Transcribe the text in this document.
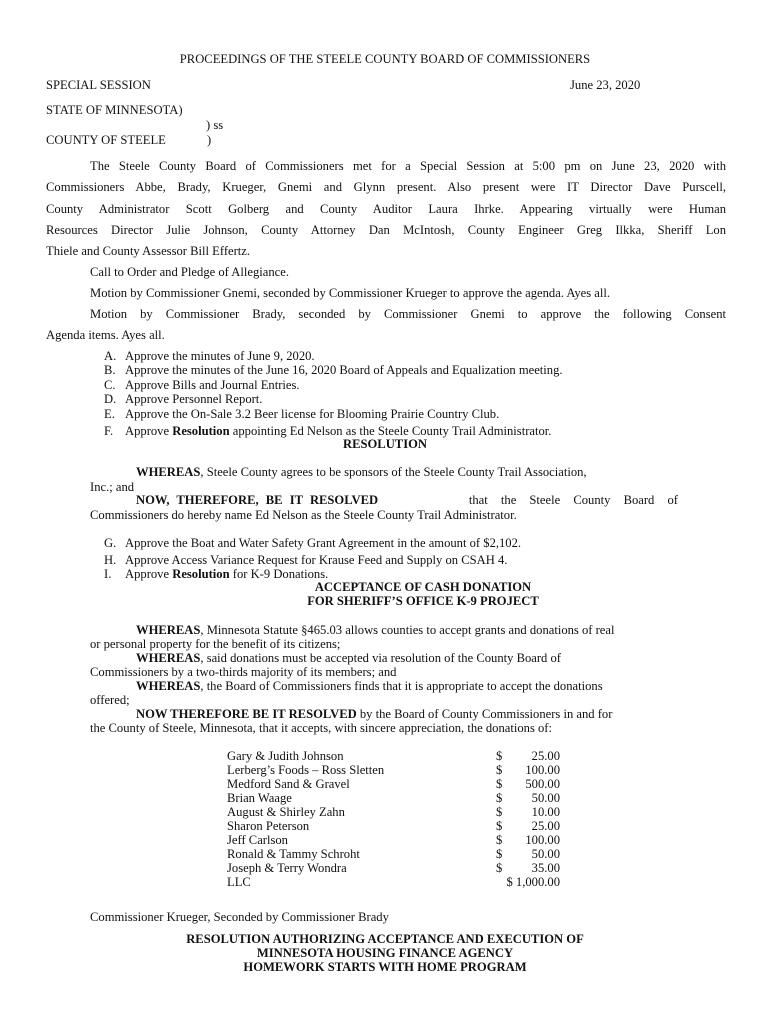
PROCEEDINGS OF THE STEELE COUNTY BOARD OF COMMISSIONERS
SPECIAL SESSION	June 23, 2020
STATE OF MINNESOTA)
) ss
COUNTY OF STEELE	)
The Steele County Board of Commissioners met for a Special Session at 5:00 pm on June 23, 2020 with
Commissioners Abbe, Brady, Krueger, Gnemi and Glynn present. Also present were IT Director Dave Purscell,
County Administrator Scott Golberg and County Auditor Laura Ihrke. Appearing virtually were Human
Resources Director Julie Johnson, County Attorney Dan McIntosh, County Engineer Greg Ilkka, Sheriff Lon
Thiele and County Assessor Bill Effertz.
Call to Order and Pledge of Allegiance.
Motion by Commissioner Gnemi, seconded by Commissioner Krueger to approve the agenda. Ayes all.
Motion by Commissioner Brady, seconded by Commissioner Gnemi to approve the following Consent
Agenda items. Ayes all.
A. Approve the minutes of June 9, 2020.
B. Approve the minutes of the June 16, 2020 Board of Appeals and Equalization meeting.
C. Approve Bills and Journal Entries.
D. Approve Personnel Report.
E. Approve the On-Sale 3.2 Beer license for Blooming Prairie Country Club.
F. Approve Resolution appointing Ed Nelson as the Steele County Trail Administrator.
RESOLUTION
WHEREAS, Steele County agrees to be sponsors of the Steele County Trail Association,
Inc.; and
NOW, THEREFORE, BE IT RESOLVED	that the Steele County Board of
Commissioners do hereby name Ed Nelson as the Steele County Trail Administrator.
G. Approve the Boat and Water Safety Grant Agreement in the amount of $2,102.
H. Approve Access Variance Request for Krause Feed and Supply on CSAH 4.
I. Approve Resolution for K-9 Donations.
ACCEPTANCE OF CASH DONATION
FOR SHERIFF’S OFFICE K-9 PROJECT
WHEREAS, Minnesota Statute §465.03 allows counties to accept grants and donations of real
or personal property for the benefit of its citizens;
WHEREAS, said donations must be accepted via resolution of the County Board of
Commissioners by a two-thirds majority of its members; and
WHEREAS, the Board of Commissioners finds that it is appropriate to accept the donations
offered;
NOW THEREFORE BE IT RESOLVED by the Board of County Commissioners in and for
the County of Steele, Minnesota, that it accepts, with sincere appreciation, the donations of:
Gary & Judith Johnson	$ 25.00
Lerberg’s Foods – Ross Sletten	$ 100.00
Medford Sand & Gravel	$ 500.00
Brian Waage	$ 50.00
August & Shirley Zahn	$ 10.00
Sharon Peterson	$ 25.00
Jeff Carlson	$ 100.00
Ronald & Tammy Schroht	$ 50.00
Joseph & Terry Wondra	$ 35.00
LLC	$ 1,000.00
Commissioner Krueger, Seconded by Commissioner Brady
RESOLUTION AUTHORIZING ACCEPTANCE AND EXECUTION OF
MINNESOTA HOUSING FINANCE AGENCY
HOMEWORK STARTS WITH HOME PROGRAM
